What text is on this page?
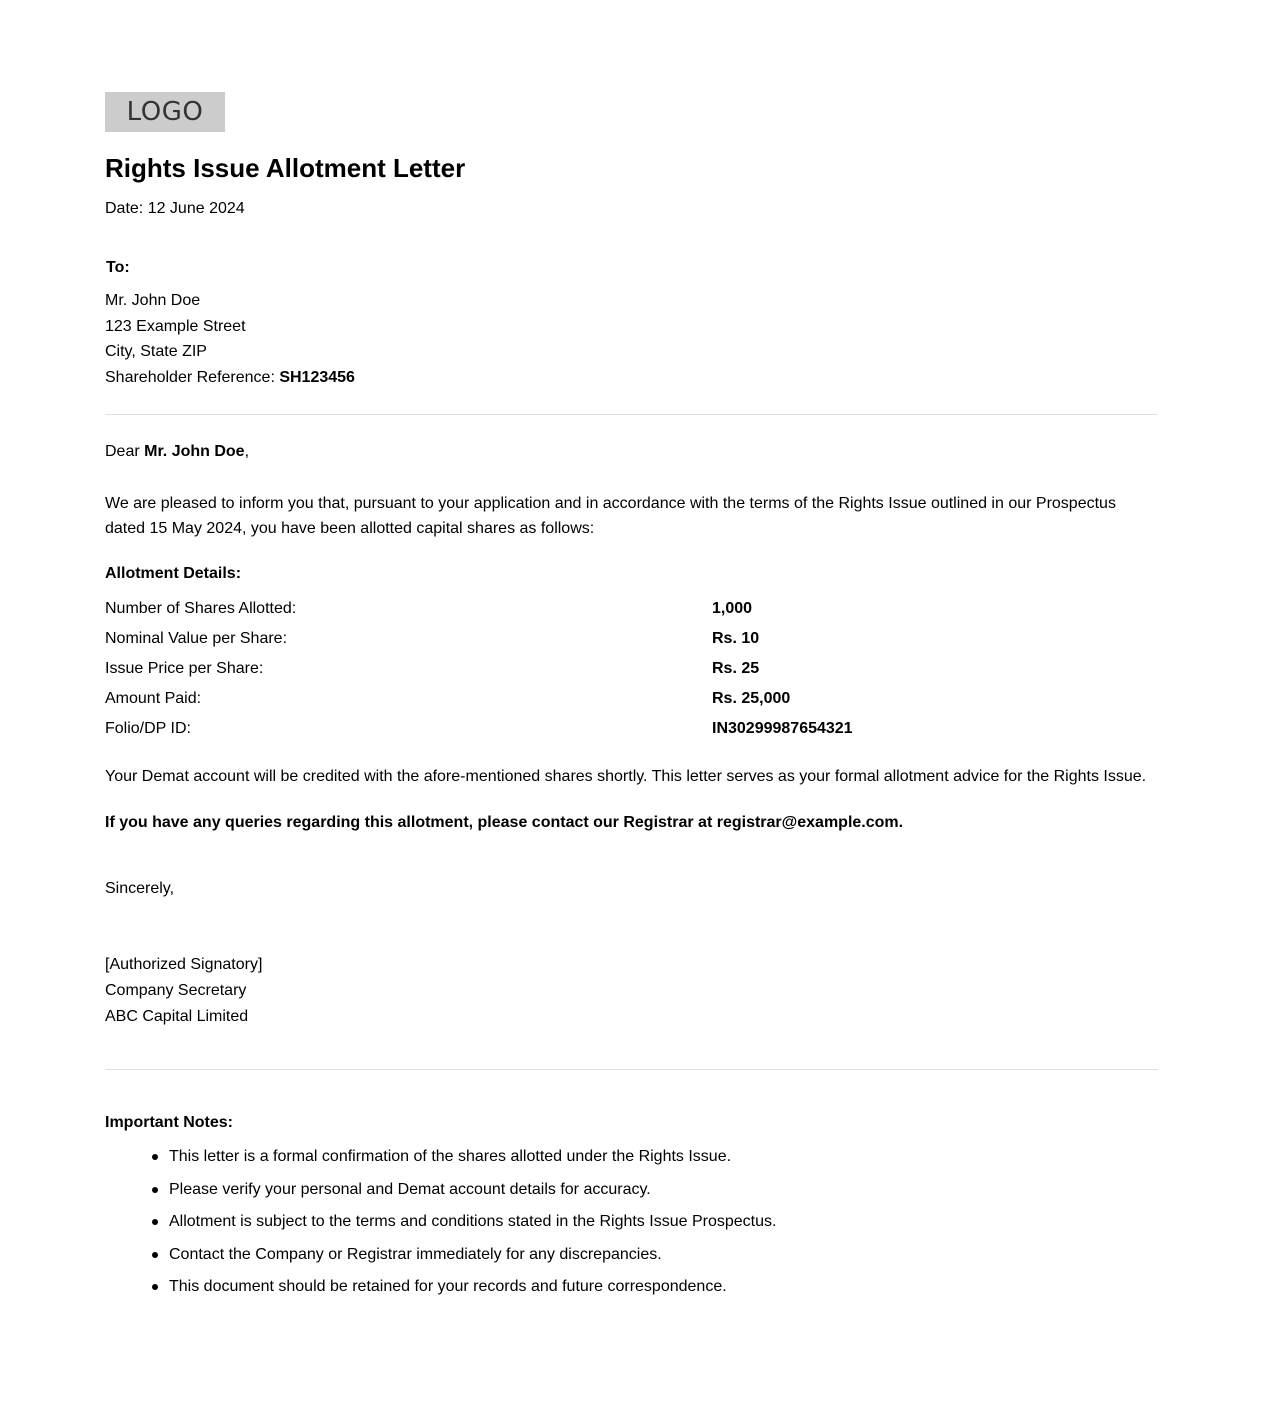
LOGO
Rights Issue Allotment Letter
Date: 12 June 2024
To:
Mr. John Doe
123 Example Street
City, State ZIP
Shareholder Reference: SH123456
Dear Mr. John Doe,
We are pleased to inform you that, pursuant to your application and in accordance with the terms of the Rights Issue outlined in our Prospectus dated 15 May 2024, you have been allotted capital shares as follows:
Allotment Details:
Number of Shares Allotted:	1,000
Nominal Value per Share:	Rs. 10
Issue Price per Share:	Rs. 25
Amount Paid:	Rs. 25,000
Folio/DP ID:	IN30299987654321
Your Demat account will be credited with the afore-mentioned shares shortly. This letter serves as your formal allotment advice for the Rights Issue.
If you have any queries regarding this allotment, please contact our Registrar at registrar@example.com.
Sincerely,
[Authorized Signatory]
Company Secretary
ABC Capital Limited
Important Notes:
This letter is a formal confirmation of the shares allotted under the Rights Issue.
Please verify your personal and Demat account details for accuracy.
Allotment is subject to the terms and conditions stated in the Rights Issue Prospectus.
Contact the Company or Registrar immediately for any discrepancies.
This document should be retained for your records and future correspondence.
